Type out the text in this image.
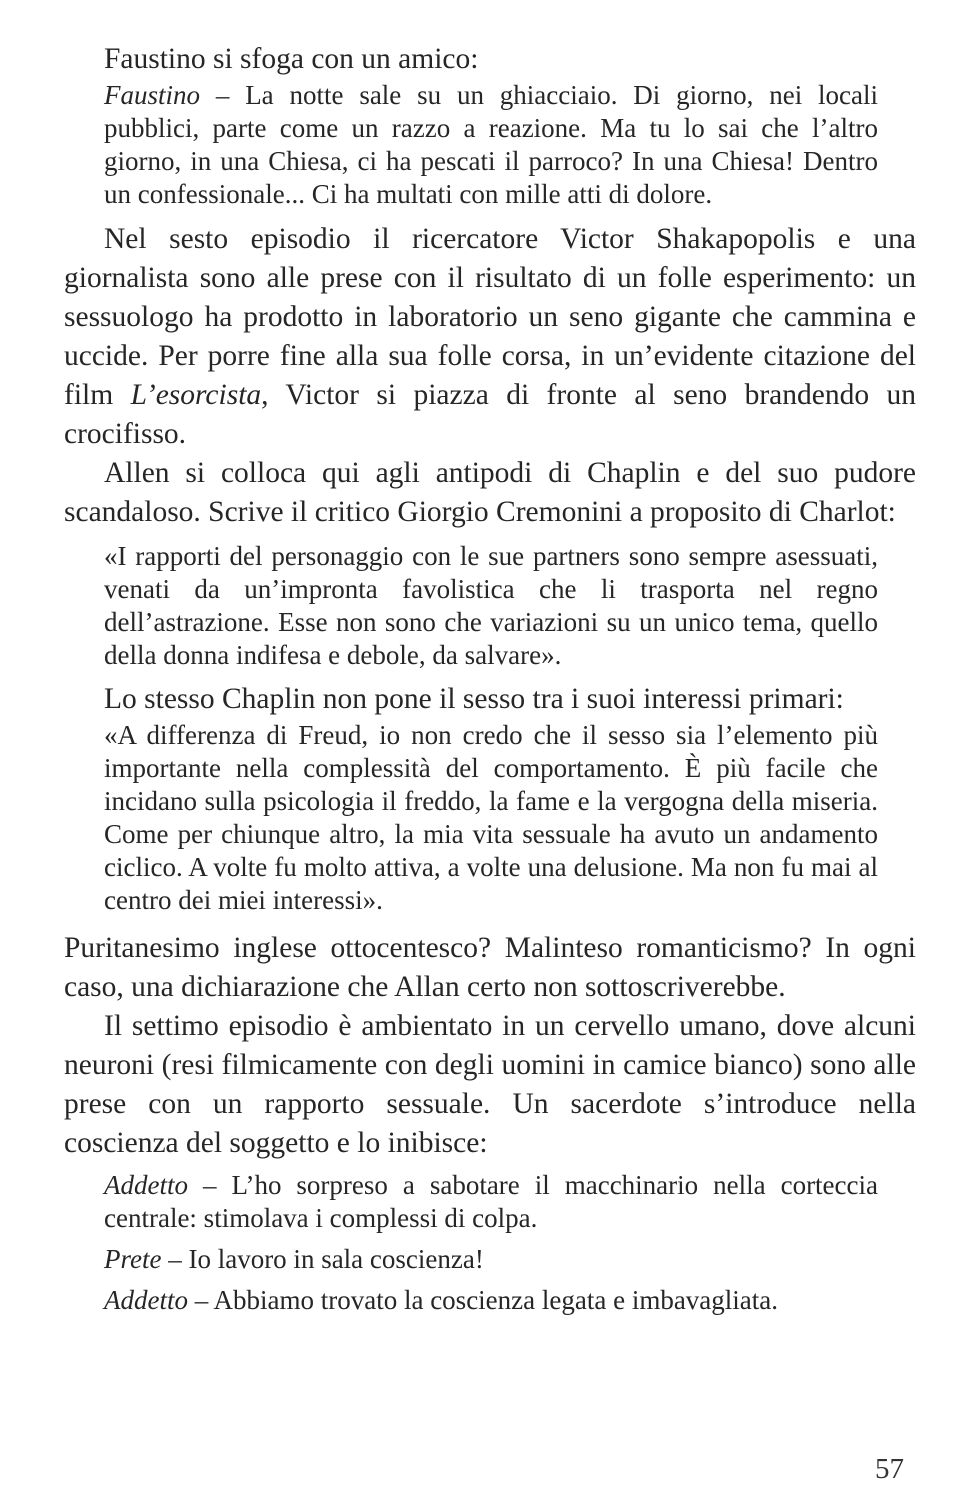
Faustino si sfoga con un amico:

Faustino – La notte sale su un ghiacciaio. Di giorno, nei locali pubblici, parte come un razzo a reazione. Ma tu lo sai che l’altro giorno, in una Chiesa, ci ha pescati il parroco? In una Chiesa! Dentro un confessionale... Ci ha multati con mille atti di dolore.

Nel sesto episodio il ricercatore Victor Shakapopolis e una giornalista sono alle prese con il risultato di un folle esperimento: un sessuologo ha prodotto in laboratorio un seno gigante che cammina e uccide. Per porre fine alla sua folle corsa, in un’evidente citazione del film L’esorcista, Victor si piazza di fronte al seno brandendo un crocifisso.

Allen si colloca qui agli antipodi di Chaplin e del suo pudore scandaloso. Scrive il critico Giorgio Cremonini a proposito di Charlot:

«I rapporti del personaggio con le sue partners sono sempre asessuati, venati da un’impronta favolistica che li trasporta nel regno dell’astrazione. Esse non sono che variazioni su un unico tema, quello della donna indifesa e debole, da salvare».

Lo stesso Chaplin non pone il sesso tra i suoi interessi primari:

«A differenza di Freud, io non credo che il sesso sia l’elemento più importante nella complessità del comportamento. È più facile che incidano sulla psicologia il freddo, la fame e la vergogna della miseria. Come per chiunque altro, la mia vita sessuale ha avuto un andamento ciclico. A volte fu molto attiva, a volte una delusione. Ma non fu mai al centro dei miei interessi».

Puritanesimo inglese ottocentesco? Malinteso romanticismo? In ogni caso, una dichiarazione che Allan certo non sottoscriverebbe.

Il settimo episodio è ambientato in un cervello umano, dove alcuni neuroni (resi filmicamente con degli uomini in camice bianco) sono alle prese con un rapporto sessuale. Un sacerdote s’introduce nella coscienza del soggetto e lo inibisce:

Addetto – L’ho sorpreso a sabotare il macchinario nella corteccia centrale: stimolava i complessi di colpa.

Prete – Io lavoro in sala coscienza!

Addetto – Abbiamo trovato la coscienza legata e imbavagliata.

57
